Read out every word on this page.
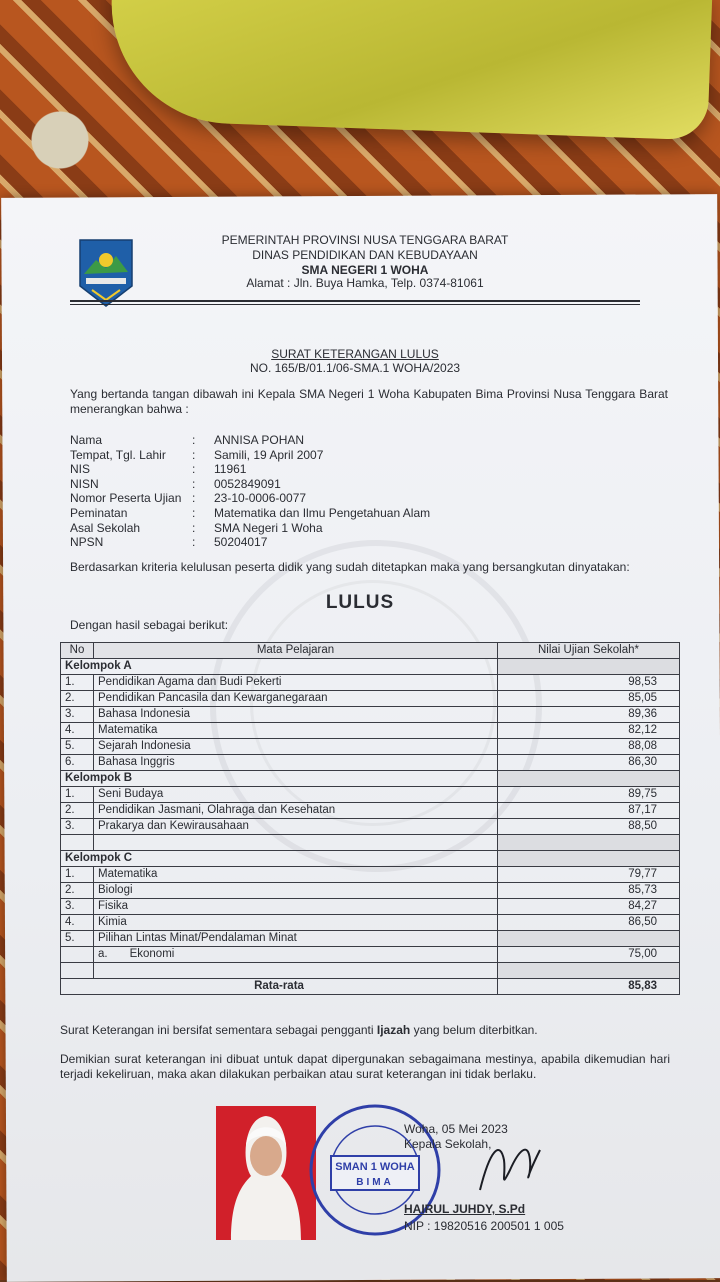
PEMERINTAH PROVINSI NUSA TENGGARA BARAT
DINAS PENDIDIKAN DAN KEBUDAYAAN
SMA NEGERI 1 WOHA
Alamat : Jln. Buya Hamka, Telp. 0374-81061
SURAT KETERANGAN LULUS
NO. 165/B/01.1/06-SMA.1 WOHA/2023
Yang bertanda tangan dibawah ini Kepala SMA Negeri 1 Woha Kabupaten Bima Provinsi Nusa Tenggara Barat menerangkan bahwa :
Nama	: ANNISA POHAN
Tempat, Tgl. Lahir : Samili, 19 April 2007
NIS	: 11961
NISN	: 0052849091
Nomor Peserta Ujian : 23-10-0006-0077
Peminatan	: Matematika dan Ilmu Pengetahuan Alam
Asal Sekolah	: SMA Negeri 1 Woha
NPSN	: 50204017
Berdasarkan kriteria kelulusan peserta didik yang sudah ditetapkan maka yang bersangkutan dinyatakan:
LULUS
Dengan hasil sebagai berikut:
No	Mata Pelajaran	Nilai Ujian Sekolah*
Kelompok A		
1.	Pendidikan Agama dan Budi Pekerti	98,53
2.	Pendidikan Pancasila dan Kewarganegaraan	85,05
3.	Bahasa Indonesia	89,36
4.	Matematika	82,12
5.	Sejarah Indonesia	88,08
6.	Bahasa Inggris	86,30
Kelompok B		
1.	Seni Budaya	89,75
2.	Pendidikan Jasmani, Olahraga dan Kesehatan	87,17
3.	Prakarya dan Kewirausahaan	88,50

Kelompok C		
1.	Matematika	79,77
2.	Biologi	85,73
3.	Fisika	84,27
4.	Kimia	86,50
5.	Pilihan Lintas Minat/Pendalaman Minat	
	a. Ekonomi	75,00

Rata-rata		85,83
Surat Keterangan ini bersifat sementara sebagai pengganti Ijazah yang belum diterbitkan.
Demikian surat keterangan ini dibuat untuk dapat dipergunakan sebagaimana mestinya, apabila dikemudian hari terjadi kekeliruan, maka akan dilakukan perbaikan atau surat keterangan ini tidak berlaku.
SMAN 1 WOHA
BIMA
Woha, 05 Mei 2023
Kepala Sekolah,
HAIRUL JUHDY, S.Pd
NIP : 19820516 200501 1 005
